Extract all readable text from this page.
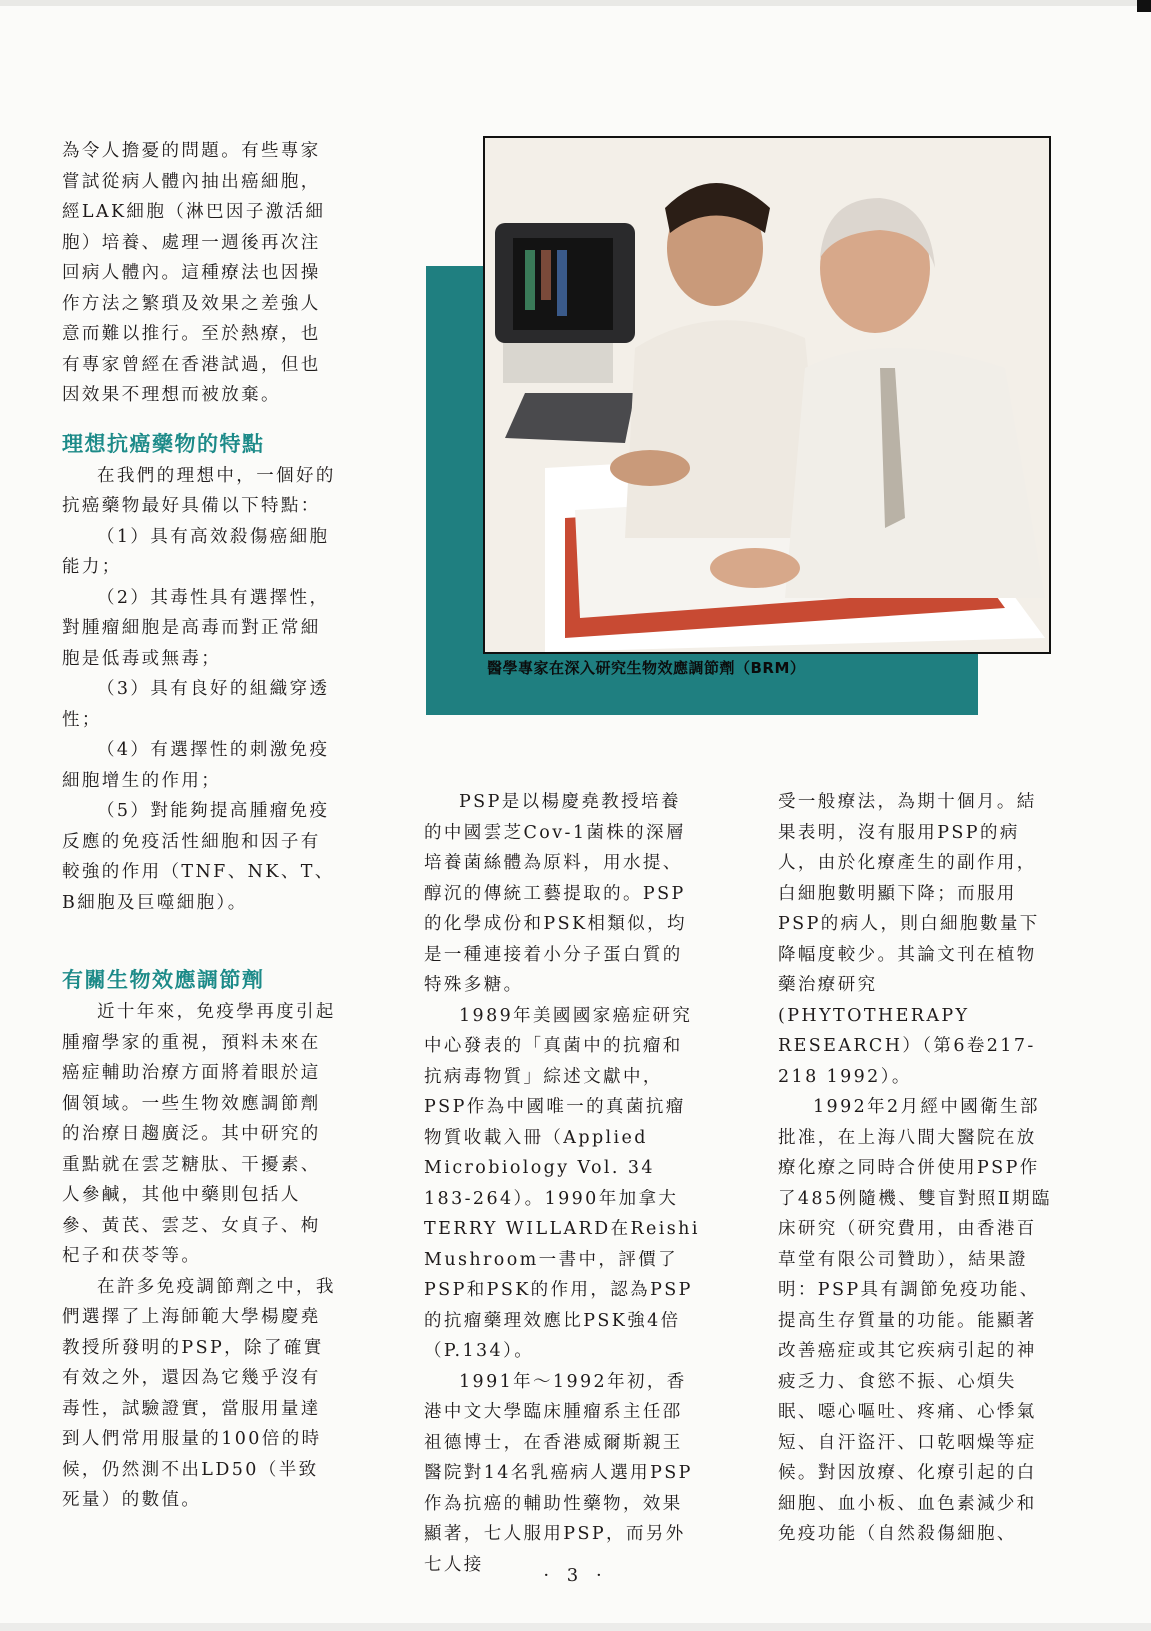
為令人擔憂的問題。有些專家嘗試從病人體內抽出癌細胞，經LAK細胞（淋巴因子激活細胞）培養、處理一週後再次注回病人體內。這種療法也因操作方法之繁瑣及效果之差強人意而難以推行。至於熱療，也有專家曾經在香港試過，但也因效果不理想而被放棄。

理想抗癌藥物的特點

在我們的理想中，一個好的抗癌藥物最好具備以下特點：

（1）具有高效殺傷癌細胞能力；

（2）其毒性具有選擇性，對腫瘤細胞是高毒而對正常細胞是低毒或無毒；

（3）具有良好的組織穿透性；

（4）有選擇性的刺激免疫細胞增生的作用；

（5）對能夠提高腫瘤免疫反應的免疫活性細胞和因子有較強的作用（TNF、NK、T、B細胞及巨噬細胞）。

有關生物效應調節劑

近十年來，免疫學再度引起腫瘤學家的重視，預料未來在癌症輔助治療方面將着眼於這個領域。一些生物效應調節劑的治療日趨廣泛。其中研究的重點就在雲芝糖肽、干擾素、人參鹹，其他中藥則包括人參、黃芪、雲芝、女貞子、枸杞子和茯苓等。

在許多免疫調節劑之中，我們選擇了上海師範大學楊慶堯教授所發明的PSP，除了確實有效之外，還因為它幾乎沒有毒性，試驗證實，當服用量達到人們常用服量的100倍的時候，仍然測不出LD50（半致死量）的數值。

醫學專家在深入研究生物效應調節劑（BRM）

PSP是以楊慶堯教授培養的中國雲芝Cov-1菌株的深層培養菌絲體為原料，用水提、醇沉的傳統工藝提取的。PSP的化學成份和PSK相類似，均是一種連接着小分子蛋白質的特殊多糖。

1989年美國國家癌症研究中心發表的「真菌中的抗瘤和抗病毒物質」綜述文獻中，PSP作為中國唯一的真菌抗瘤物質收載入冊（Applied Microbiology Vol. 34 183-264）。1990年加拿大TERRY WILLARD在Reishi Mushroom一書中，評價了PSP和PSK的作用，認為PSP的抗瘤藥理效應比PSK強4倍（P.134）。

1991年～1992年初，香港中文大學臨床腫瘤系主任邵祖德博士，在香港威爾斯親王醫院對14名乳癌病人選用PSP作為抗癌的輔助性藥物，效果顯著，七人服用PSP，而另外七人接

受一般療法，為期十個月。結果表明，沒有服用PSP的病人，由於化療產生的副作用，白細胞數明顯下降；而服用PSP的病人，則白細胞數量下降幅度較少。其論文刊在植物藥治療研究(PHYTOTHERAPY RESEARCH）（第6卷217-218 1992）。

1992年2月經中國衛生部批准，在上海八間大醫院在放療化療之同時合併使用PSP作了485例隨機、雙盲對照Ⅱ期臨床研究（研究費用，由香港百草堂有限公司贊助），結果證明：PSP具有調節免疫功能、提高生存質量的功能。能顯著改善癌症或其它疾病引起的神疲乏力、食慾不振、心煩失眠、噁心嘔吐、疼痛、心悸氣短、自汗盜汗、口乾咽燥等症候。對因放療、化療引起的白細胞、血小板、血色素減少和免疫功能（自然殺傷細胞、

· 3 ·
